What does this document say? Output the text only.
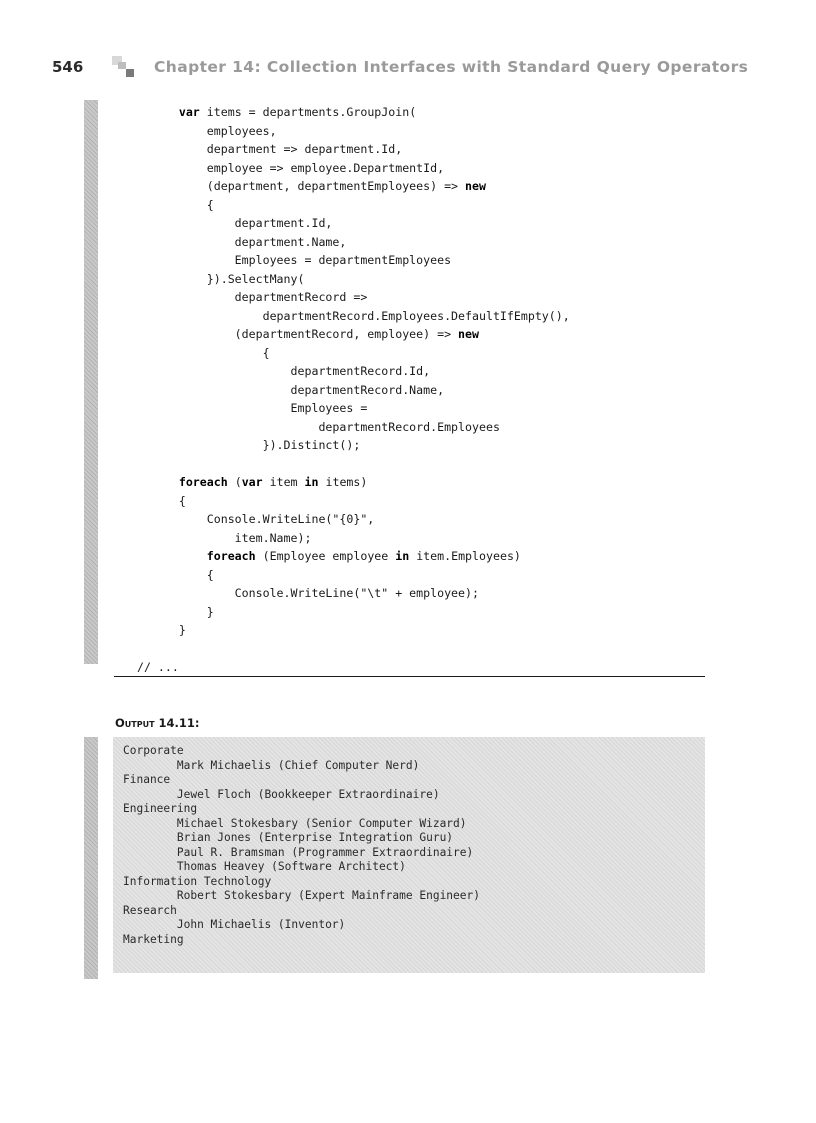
546	Chapter 14: Collection Interfaces with Standard Query Operators
var items = departments.GroupJoin(
employees,
department => department.Id,
employee => employee.DepartmentId,
(department, departmentEmployees) => new
{
department.Id,
department.Name,
Employees = departmentEmployees
}).SelectMany(
departmentRecord =>
departmentRecord.Employees.DefaultIfEmpty(),
(departmentRecord, employee) => new
{
departmentRecord.Id,
departmentRecord.Name,
Employees =
departmentRecord.Employees
}).Distinct();
foreach (var item in items)
{
Console.WriteLine("{0}",
item.Name);
foreach (Employee employee in item.Employees)
{
Console.WriteLine("\t" + employee);
}
}
// ...
Output 14.11:
Corporate
Mark Michaelis (Chief Computer Nerd)
Finance
Jewel Floch (Bookkeeper Extraordinaire)
Engineering
Michael Stokesbary (Senior Computer Wizard)
Brian Jones (Enterprise Integration Guru)
Paul R. Bramsman (Programmer Extraordinaire)
Thomas Heavey (Software Architect)
Information Technology
Robert Stokesbary (Expert Mainframe Engineer)
Research
John Michaelis (Inventor)
Marketing
